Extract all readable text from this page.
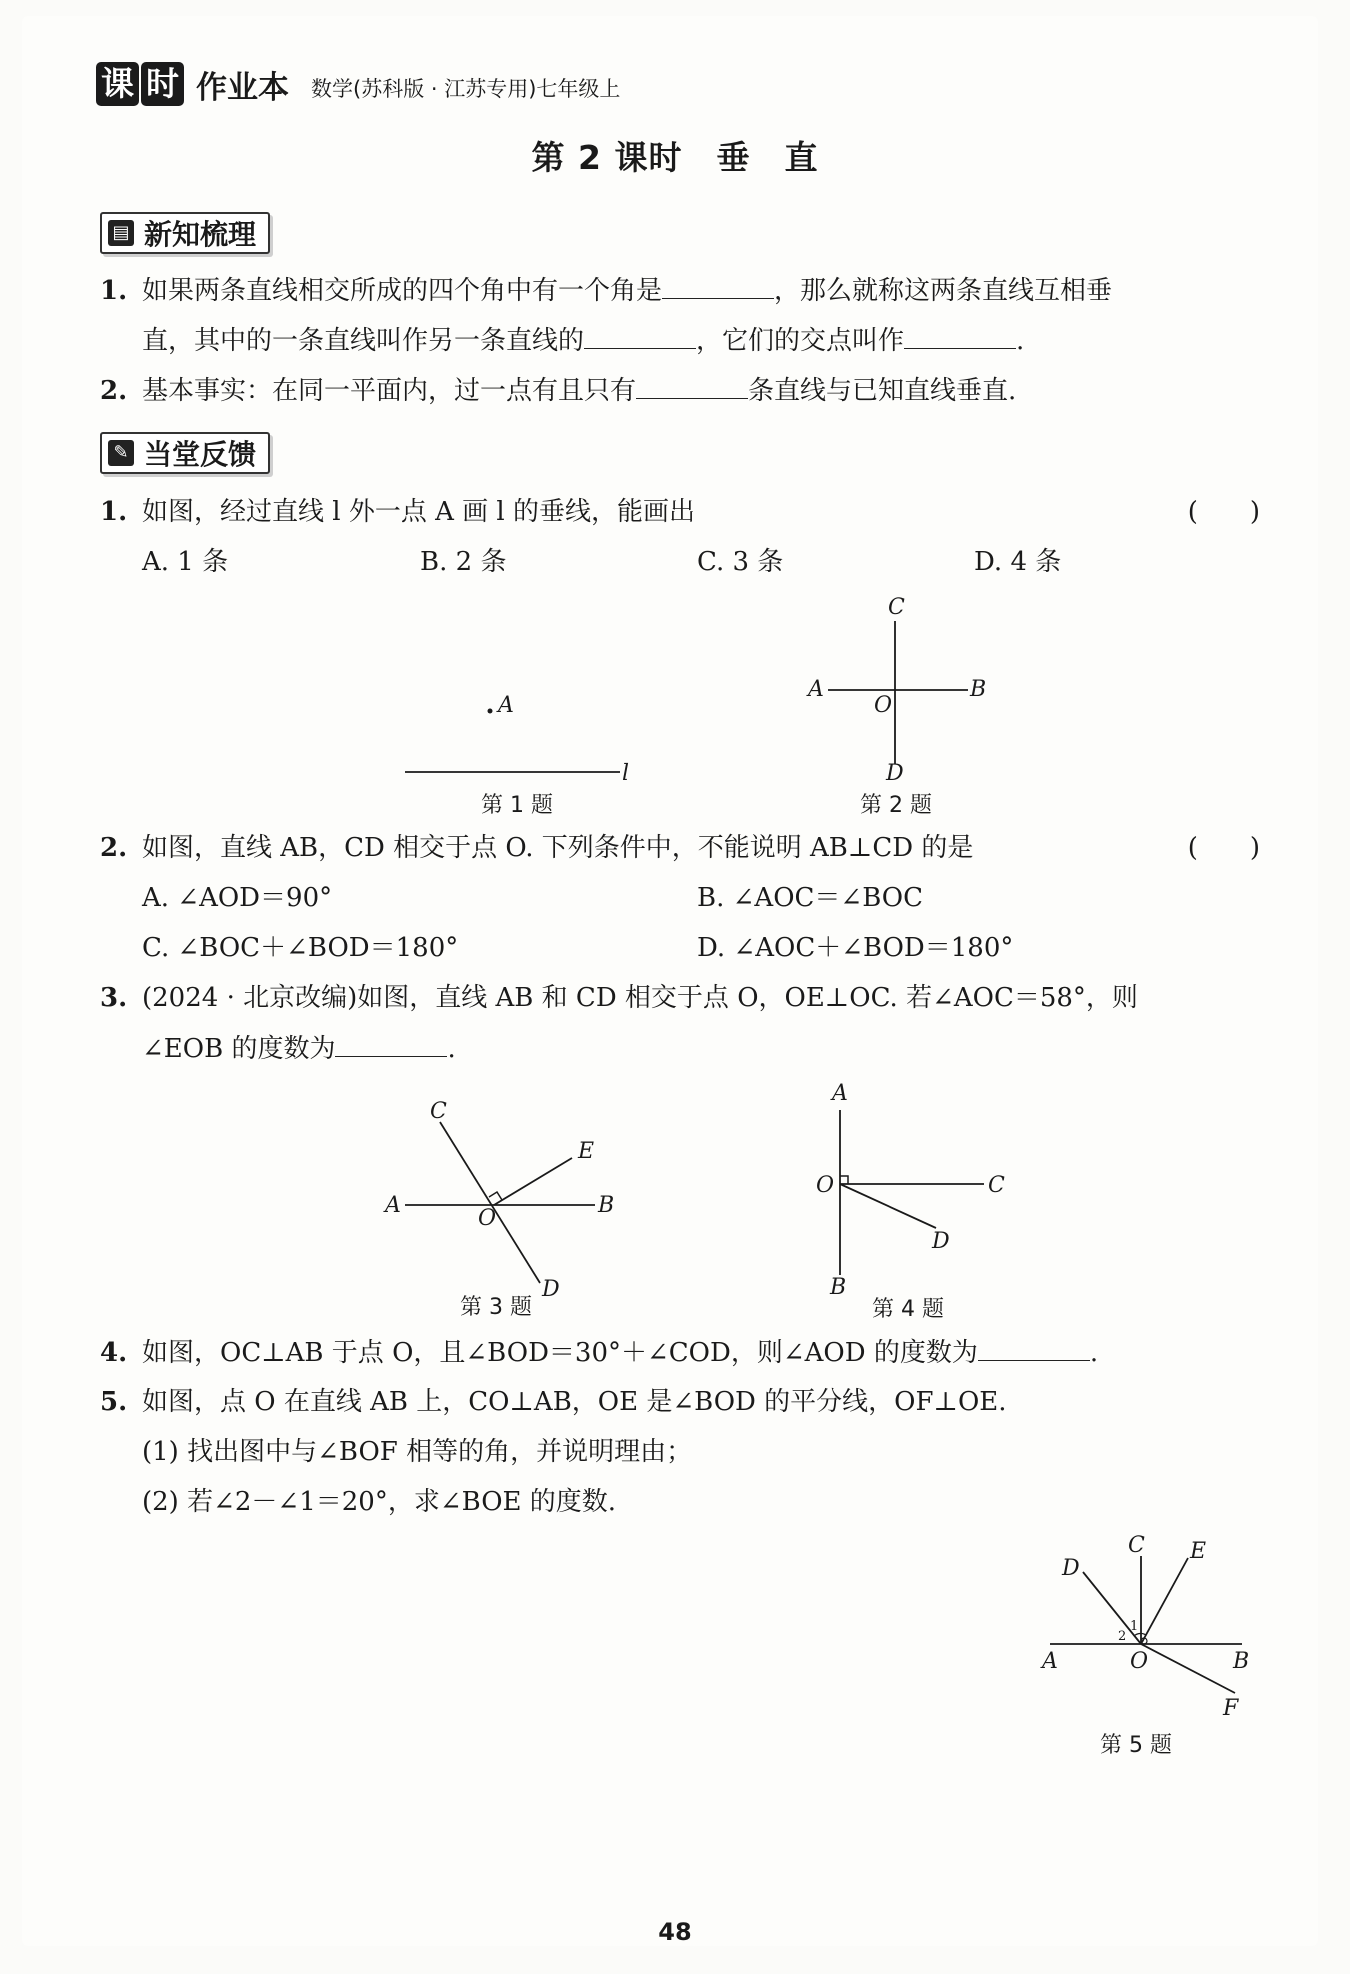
课 时 作业本 数学(苏科版 · 江苏专用)七年级上
第 2 课时　垂　直
▤ 新知梳理
1. 如果两条直线相交所成的四个角中有一个角是	，那么就称这两条直线互相垂
直，其中的一条直线叫作另一条直线的	，它们的交点叫作	.
2. 基本事实：在同一平面内，过一点有且只有	条直线与已知直线垂直.
✎ 当堂反馈
1. 如图，经过直线 l 外一点 A 画 l 的垂线，能画出	(　　)
A. 1 条	B. 2 条	C. 3 条	D. 4 条
A
l
第 1 题
C
A	B
O
D
第 2 题
2. 如图，直线 AB，CD 相交于点 O. 下列条件中，不能说明 AB⊥CD 的是	(　　)
A. ∠AOD＝90°	B. ∠AOC＝∠BOC
C. ∠BOC＋∠BOD＝180°	D. ∠AOC＋∠BOD＝180°
3. (2024 · 北京改编)如图，直线 AB 和 CD 相交于点 O，OE⊥OC. 若∠AOC＝58°，则
∠EOB 的度数为	.
C
E
A
O
B
D
第 3 题
A
O	C
D
B
第 4 题
4. 如图，OC⊥AB 于点 O，且∠BOD＝30°＋∠COD，则∠AOD 的度数为	.
5. 如图，点 O 在直线 AB 上，CO⊥AB，OE 是∠BOD 的平分线，OF⊥OE.
(1) 找出图中与∠BOF 相等的角，并说明理由；
(2) 若∠2－∠1＝20°，求∠BOE 的度数.
D
C E
A	O	B
F
1
2
第 5 题
48
